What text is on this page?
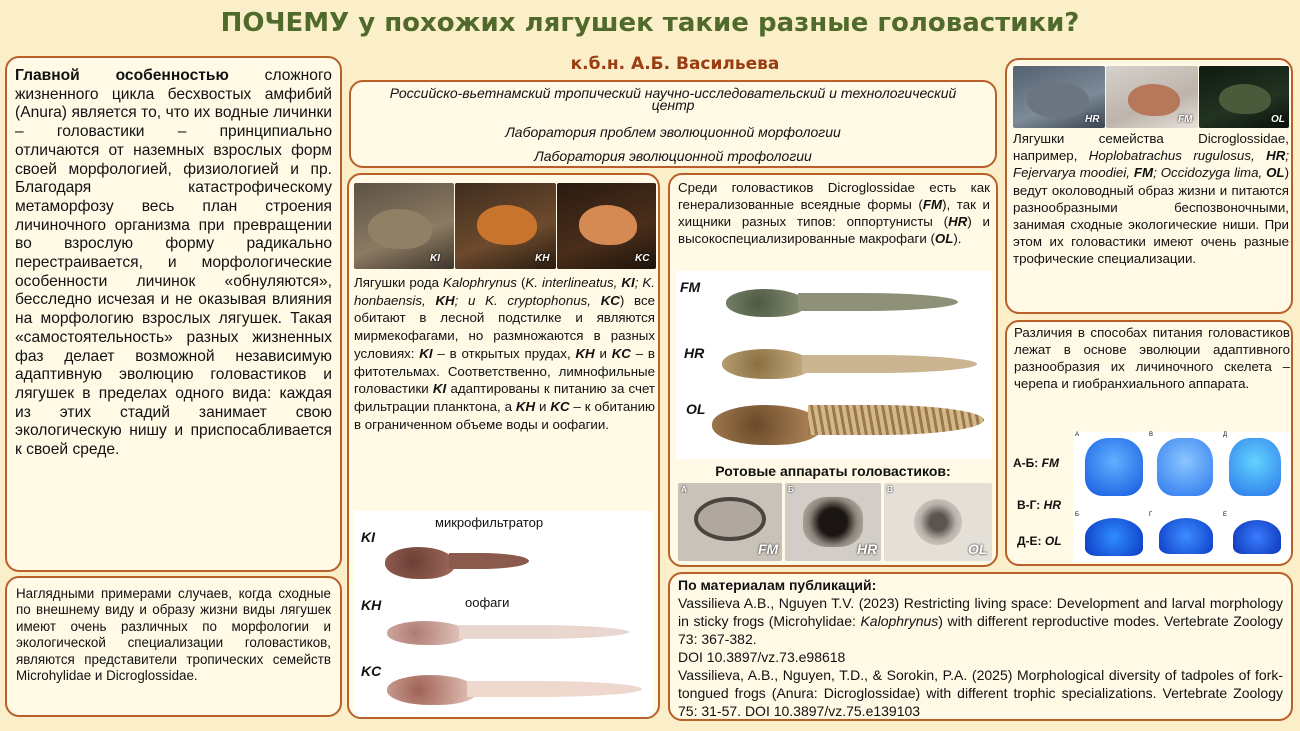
ПОЧЕМУ у похожих лягушек такие разные головастики?
к.б.н. А.Б. Васильева

Главной особенностью сложного жизненного цикла бесхвостых амфибий (Anura) является то, что их водные личинки – головастики – принципиально отличаются от наземных взрослых форм своей морфологией, физиологией и пр. Благодаря катастрофическому метаморфозу весь план строения личиночного организма при превращении во взрослую форму радикально перестраивается, и морфологические особенности личинок «обнуляются», бесследно исчезая и не оказывая влияния на морфологию взрослых лягушек. Такая «самостоятельность» разных жизненных фаз делает возможной независимую адаптивную эволюцию головастиков и лягушек в пределах одного вида: каждая из этих стадий занимает свою экологическую нишу и приспосабливается к своей среде.

Наглядными примерами случаев, когда сходные по внешнему виду и образу жизни виды лягушек имеют очень различных по морфологии и экологической специализации головастиков, являются представители тропических семейств Microhylidae и Dicroglossidae.

Российско-вьетнамский тропический научно-исследовательский и технологический центр
Лаборатория проблем эволюционной морфологии
Лаборатория эволюционной трофологии
KI	KH	KC

Лягушки рода Kalophrynus (K. interlineatus, KI; K. honbaensis, KH; и K. cryptophonus, KC) все обитают в лесной подстилке и являются мирмекофагами, но размножаются в разных условиях: KI – в открытых прудах, KH и KC – в фитотельмах. Соответственно, лимнофильные головастики KI адаптированы к питанию за счет фильтрации планктона, а KH и KC – к обитанию в ограниченном объеме воды и оофагии.

микрофильтратор
KI
оофаги
KH
KC

Среди головастиков Dicroglossidae есть как генерализованные всеядные формы (FM), так и хищники разных типов: оппортунисты (HR) и высокоспециализированные макрофаги (OL).

FM
HR
OL
Ротовые аппараты головастиков:
А
FM
Б
HR
В
OL
HR	FM	OL

Лягушки семейства Dicroglossidae, например, Hoplobatrachus rugulosus, HR; Fejervarya moodiei, FM; Occidozyga lima, OL) ведут околоводный образ жизни и питаются разнообразными беспозвоночными, занимая сходные экологические ниши. При этом их головастики имеют очень разные трофические специализации.

Различия в способах питания головастиков лежат в основе эволюции адаптивного разнообразия их личиночного скелета – черепа и гиобранхиального аппарата.

А-Б: FM
В-Г: HR
Д-Е: OL
А	В	Д
Б	Г	Е
По материалам публикаций:

Vassilieva A.B., Nguyen T.V. (2023) Restricting living space: Development and larval morphology in sticky frogs (Microhylidae: Kalophrynus) with different reproductive modes. Vertebrate Zoology 73: 367-382.

DOI 10.3897/vz.73.e98618

Vassilieva, A.B., Nguyen, T.D., & Sorokin, P.A. (2025) Morphological diversity of tadpoles of fork-tongued frogs (Anura: Dicroglossidae) with different trophic specializations. Vertebrate Zoology 75: 31-57. DOI 10.3897/vz.75.e139103
